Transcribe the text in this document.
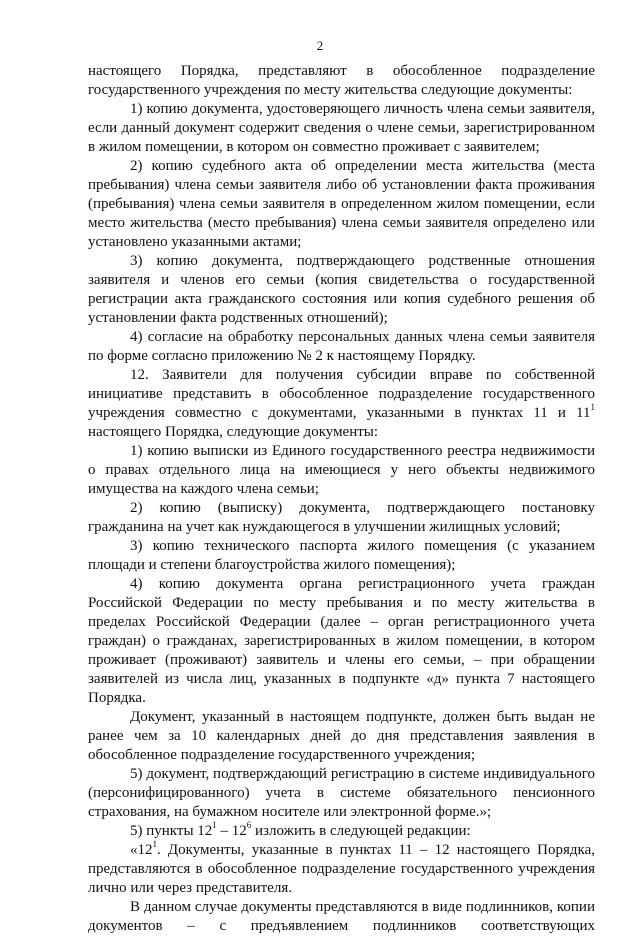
2

настоящего Порядка, представляют в обособленное подразделение государственного учреждения по месту жительства следующие документы:

1) копию документа, удостоверяющего личность члена семьи заявителя, если данный документ содержит сведения о члене семьи, зарегистрированном в жилом помещении, в котором он совместно проживает с заявителем;

2) копию судебного акта об определении места жительства (места пребывания) члена семьи заявителя либо об установлении факта проживания (пребывания) члена семьи заявителя в определенном жилом помещении, если место жительства (место пребывания) члена семьи заявителя определено или установлено указанными актами;

3) копию документа, подтверждающего родственные отношения заявителя и членов его семьи (копия свидетельства о государственной регистрации акта гражданского состояния или копия судебного решения об установлении факта родственных отношений);

4) согласие на обработку персональных данных члена семьи заявителя по форме согласно приложению № 2 к настоящему Порядку.

12. Заявители для получения субсидии вправе по собственной инициативе представить в обособленное подразделение государственного учреждения совместно с документами, указанными в пунктах 11 и $11^1$ настоящего Порядка, следующие документы:

1) копию выписки из Единого государственного реестра недвижимости о правах отдельного лица на имеющиеся у него объекты недвижимого имущества на каждого члена семьи;

2) копию (выписку) документа, подтверждающего постановку гражданина на учет как нуждающегося в улучшении жилищных условий;

3) копию технического паспорта жилого помещения (с указанием площади и степени благоустройства жилого помещения);

4) копию документа органа регистрационного учета граждан Российской Федерации по месту пребывания и по месту жительства в пределах Российской Федерации (далее – орган регистрационного учета граждан) о гражданах, зарегистрированных в жилом помещении, в котором проживает (проживают) заявитель и члены его семьи, – при обращении заявителей из числа лиц, указанных в подпункте «д» пункта 7 настоящего Порядка.

Документ, указанный в настоящем подпункте, должен быть выдан не ранее чем за 10 календарных дней до дня представления заявления в обособленное подразделение государственного учреждения;

5) документ, подтверждающий регистрацию в системе индивидуального (персонифицированного) учета в системе обязательного пенсионного страхования, на бумажном носителе или электронной форме.»;

5) пункты $12^1 - 12^6$ изложить в следующей редакции:

«$12^1$. Документы, указанные в пунктах 11 – 12 настоящего Порядка, представляются в обособленное подразделение государственного учреждения лично или через представителя.

В данном случае документы представляются в виде подлинников, копии документов – с предъявлением подлинников соответствующих
